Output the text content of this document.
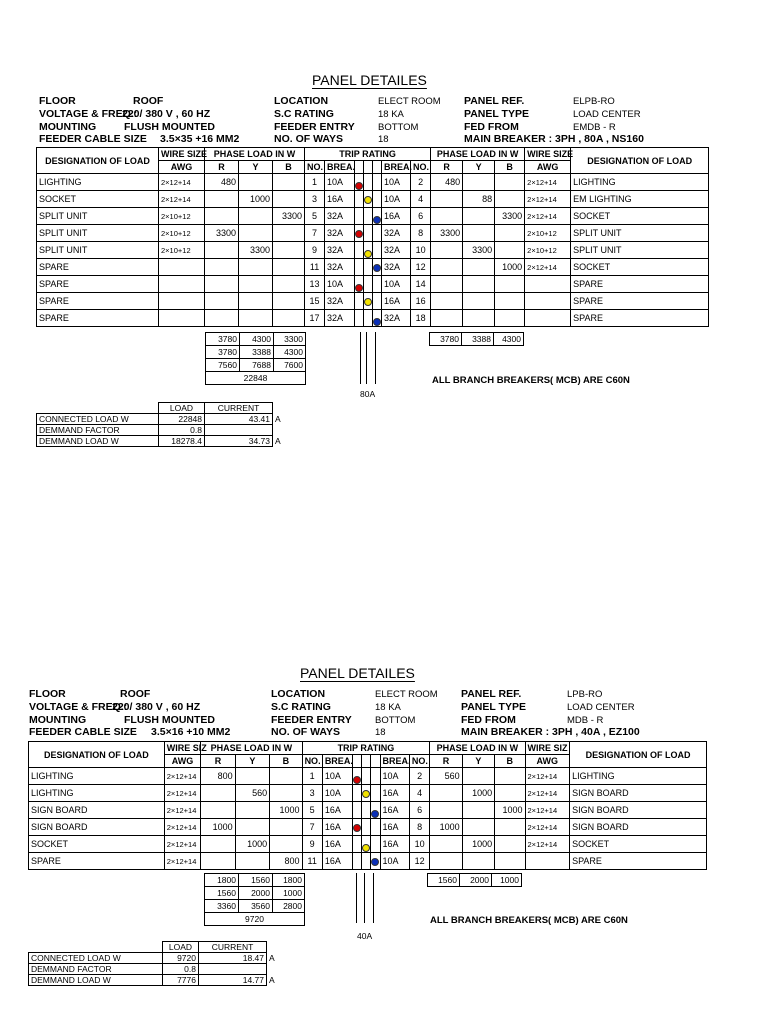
PANEL DETAILES
FLOOR	ROOF
VOLTAGE & FREQ.:
220/ 380 V , 60 HZ
MOUNTING	FLUSH MOUNTED
FEEDER CABLE SIZE 3.5×35 +16 MM2
LOCATION	ELECT ROOM
S.C RATING	18 KA
FEEDER ENTRY BOTTOM
NO. OF WAYS	18
PANEL REF.	ELPB-RO
PANEL TYPE	LOAD CENTER
FED FROM	EMDB - R
MAIN BREAKER : 3PH , 80A , NS160
DESIGNATION OF LOAD	WIRE SIZE	PHASE LOAD IN W			TRIP RATING							PHASE LOAD IN W			WIRE SIZE	DESIGNATION OF LOAD
	AWG	R	Y	B	NO.	BREA.				BREA.	NO.	R	Y	B	AWG	
LIGHTING	2×12+14	480			1	10A				10A	2	480			2×12+14	LIGHTING
SOCKET	2×12+14		1000		3	16A				10A	4		88		2×12+14	EM LIGHTING
SPLIT UNIT	2×10+12			3300	5	32A				16A	6			3300	2×12+14	SOCKET
SPLIT UNIT	2×10+12	3300			7	32A				32A	8	3300			2×10+12	SPLIT UNIT
SPLIT UNIT	2×10+12		3300		9	32A				32A	10		3300		2×10+12	SPLIT UNIT
SPARE					11	32A				32A	12			1000	2×12+14	SOCKET
SPARE					13	10A				10A	14					SPARE
SPARE					15	32A				16A	16					SPARE
SPARE					17	32A				32A	18					SPARE
3780	4300	3300
3780	3388	4300
7560	7688	7600
22848		
3780	3388	4300
80A
ALL BRANCH BREAKERS( MCB) ARE C60N
	LOAD	CURRENT	
CONNECTED LOAD W	22848	43.41	A
DEMMAND FACTOR	0.8		
DEMMAND LOAD W	18278.4	34.73	A
PANEL DETAILES
FLOOR	ROOF
VOLTAGE & FREQ.:
220/ 380 V , 60 HZ
MOUNTING	FLUSH MOUNTED
FEEDER CABLE SIZE 3.5×16 +10 MM2
LOCATION	ELECT ROOM
S.C RATING	18 KA
FEEDER ENTRY BOTTOM
NO. OF WAYS	18
PANEL REF.	LPB-RO
PANEL TYPE	LOAD CENTER
FED FROM	MDB - R
MAIN BREAKER : 3PH , 40A , EZ100
DESIGNATION OF LOAD	WIRE SIZ	PHASE LOAD IN W			TRIP RATING							PHASE LOAD IN W			WIRE SIZ	DESIGNATION OF LOAD
	AWG	R	Y	B	NO.	BREA.				BREA.	NO.	R	Y	B	AWG	
LIGHTING	2×12+14	800			1	10A				10A	2	560			2×12+14	LIGHTING
LIGHTING	2×12+14		560		3	10A				16A	4		1000		2×12+14	SIGN BOARD
SIGN BOARD	2×12+14			1000	5	16A				16A	6			1000	2×12+14	SIGN BOARD
SIGN BOARD	2×12+14	1000			7	16A				16A	8	1000			2×12+14	SIGN BOARD
SOCKET	2×12+14		1000		9	16A				16A	10		1000		2×12+14	SOCKET
SPARE	2×12+14			800	11	16A				10A	12					SPARE
1800	1560	1800
1560	2000	1000
3360	3560	2800
9720		
1560	2000	1000
40A
ALL BRANCH BREAKERS( MCB) ARE C60N
	LOAD	CURRENT	
CONNECTED LOAD W	9720	18.47	A
DEMMAND FACTOR	0.8		
DEMMAND LOAD W	7776	14.77	A
